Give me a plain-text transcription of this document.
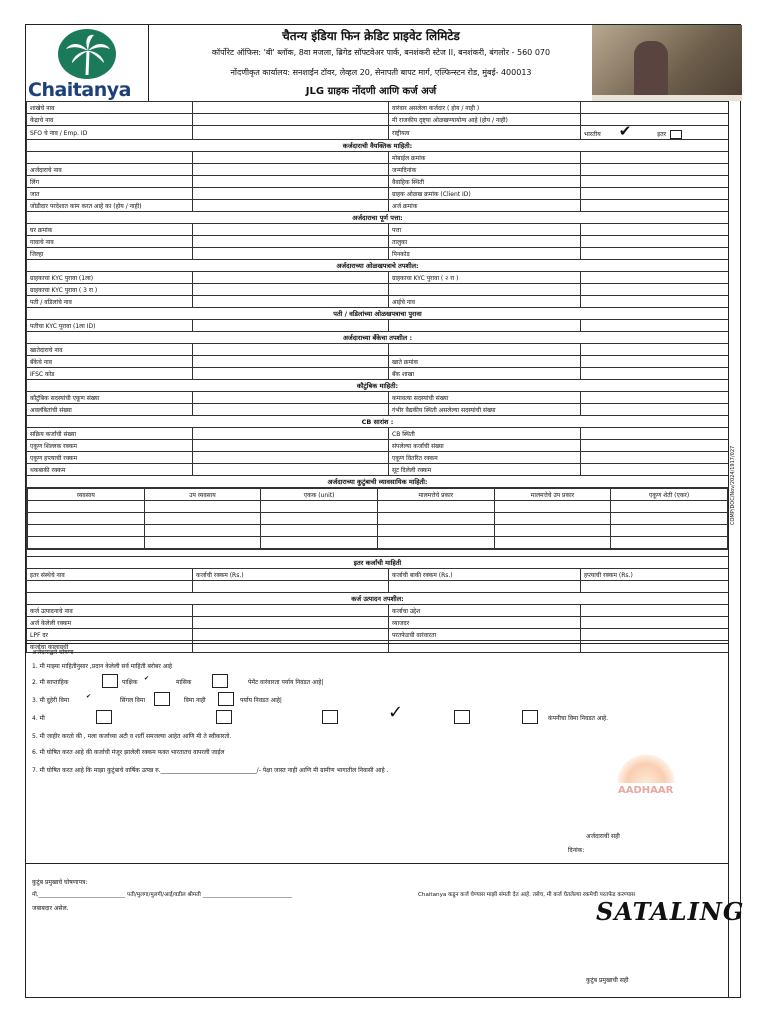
Chaitanya
चैतन्य इंडिया फिन क्रेडिट प्राइवेट लिमिटेड
कॉर्पोरेट ऑफिस: 'बी' ब्लॉक, 8वा मजला, ब्रिगेड सॉफ्टवेअर पार्क, बनशंकरी स्टेज II, बनशंकरी, बंगलोर - 560 070
नोंदणीकृत कार्यालय: सनशाईन टॉवर, लेव्हल 20, सेनापती बापट मार्ग, एल्फिन्स्टन रोड, मुंबई- 400013
JLG ग्राहक नोंदणी आणि कर्ज अर्ज
शाखेचे नाव		वारंवार असलेला कर्जदार ( होय / नाही )	
केंद्राचे नाव		मी राजकीय दृष्ट्या ओळखण्यायोग्य आहे (होय / नाही)	
SFO चे नाव / Emp. ID		राष्ट्रीयत्व	भारतीय ✔	इतर
कर्जदाराची वैयक्तिक माहिती:
		मोबाईल क्रमांक	
अर्जदाराचे नाव		जन्मदिनांक	
लिंग		वैवाहिक स्थिती	
जात		ग्राहक ओळख क्रमांक (Client ID)	
जोडीदार परदेशात काम करत आहे का (होय / नाही)		अर्ज क्रमांक	
अर्जदाराचा पूर्ण पत्ता:
घर क्रमांक		पत्ता	
गावाचे नाव		तालुका	
जिल्हा		पिनकोड	
अर्जदाराच्या ओळखपत्राचे तपशील:
ग्राहकाचा KYC पुरावा (1ला)		ग्राहकाचा KYC पुरावा ( २ रा )	
ग्राहकाचा KYC पुरावा ( 3 रा )			
पती / वडिलांचे नाव		आईचे नाव	
पती / वडिलांच्या ओळखपत्राचा पुरावा
पतीचा KYC पुरावा (1ला ID)			
अर्जदाराच्या बँकेचा तपशील :
खातेदाराचे नाव			
बँकेचे नाव		खाते क्रमांक	
IFSC कोड		बँक शाखा	
कौटुंबिक माहिती:
कौटुंबिक सदस्यांची एकूण संख्या		कमावत्या सदस्यांची संख्या	
अवलंबितांची संख्या		गंभीर वैद्यकीय स्थिती असलेल्या सदस्यांची संख्या	
CB सारांश :
सक्रिय कर्जांची संख्या		CB स्थिती	
एकूण शिल्लक रक्कम		संपलेल्या कर्जांची संख्या	
एकूण हप्त्याची रक्कम		एकूण वितरित रक्कम	
थकबाकी रक्कम		सूट दिलेली रक्कम	
अर्जदाराच्या कुटुंबाची व्यावसायिक माहिती:

व्यवसाय	उप व्यवसाय	एकक (unit)	मालमत्तेचे प्रकार	मालमत्तेचे उप प्रकार	एकूण शेती (एकर)

इतर कर्जांची माहिती
इतर संस्थेचे नाव	कर्जाची रक्कम (Rs.)	कर्जाची बाकी रक्कम (Rs.)	हप्त्याची रक्कम (Rs.)

कर्ज उत्पादन तपशील:
कर्ज उत्पादनाचे नाव		कर्जाचा उद्देश	
अर्ज केलेली रक्कम		व्याजदर	
LPF दर		परतफेडची वारंवारता	
कर्जाचा कालावधी			
COMP/DOC/Nov/2024/1917/027
अर्जदाराद्वारे घोषणा
1. मी माझ्या माहितीनुसार ,प्रदान केलेली सर्व माहिती बरोबर आहे
2. मी साप्ताहिक	पाक्षिक
✔
मासिक	पेमेंट वारंवारता पर्याय निवडत आहे|
3. मी दुहेरी विमा
✔
सिंगल विमा	विमा नाही	पर्याय निवडत आहे|
4. मी	✓	कंपनीचा विमा निवडत आहे.
5. मी जाहीर करतो की , मला कर्जाच्या अटी व शर्ती समजल्या आहेत आणि मी ते स्वीकारतो.
6. मी घोषित करत आहे की कर्जाची मंजूर झालेली रक्कम फक्त भारतातच वापरली जाईल
7. मी घोषित करत आहे कि माझा कुटुंबाचे वार्षिक उत्पन्न रु.________________________________/- पेक्षा जास्त नाही आणि मी ग्रामीण भागातील निवासी आहे .
अर्जदाराची सही
दिनांक:
AADHAAR
कुटुंब प्रमुखाचे घोषणापत्र:
मी,_______________________________ पती/मुलगा/मुलगी/आई/वडील श्रीमती ________________________________	Chaitanya कडून कर्ज घेण्यास माझी संमती देत आहे. तसेच, मी कर्ज घेतलेल्या रकमेची परतफेड करण्यास
जबाबदार असेल.
कुटुंब प्रमुखाची सही
SATALING
